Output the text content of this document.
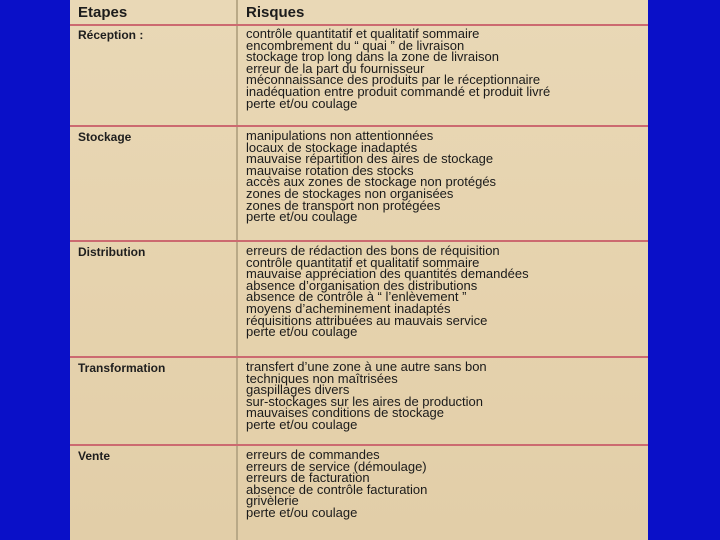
Etapes	Risques
Réception :	contrôle quantitatif et qualitatif sommaire
encombrement du “ quai ” de livraison
stockage trop long dans la zone de livraison
erreur de la part du fournisseur
méconnaissance des produits par le réceptionnaire
inadéquation entre produit commandé et produit livré
perte et/ou coulage
Stockage	manipulations non attentionnées
locaux de stockage inadaptés
mauvaise répartition des aires de stockage
mauvaise rotation des stocks
accès aux zones de stockage non protégés
zones de stockages non organisées
zones de transport non protégées
perte et/ou coulage
Distribution	erreurs de rédaction des bons de réquisition
contrôle quantitatif et qualitatif sommaire
mauvaise appréciation des quantités demandées
absence d’organisation des distributions
absence de contrôle à “ l’enlèvement ”
moyens d’acheminement inadaptés
réquisitions attribuées au mauvais service
perte et/ou coulage
Transformation	transfert d’une zone à une autre sans bon
techniques non maîtrisées
gaspillages divers
sur-stockages sur les aires de production
mauvaises conditions de stockage
perte et/ou coulage
Vente	erreurs de commandes
erreurs de service (démoulage)
erreurs de facturation
absence de contrôle facturation
grivèlerie
perte et/ou coulage
